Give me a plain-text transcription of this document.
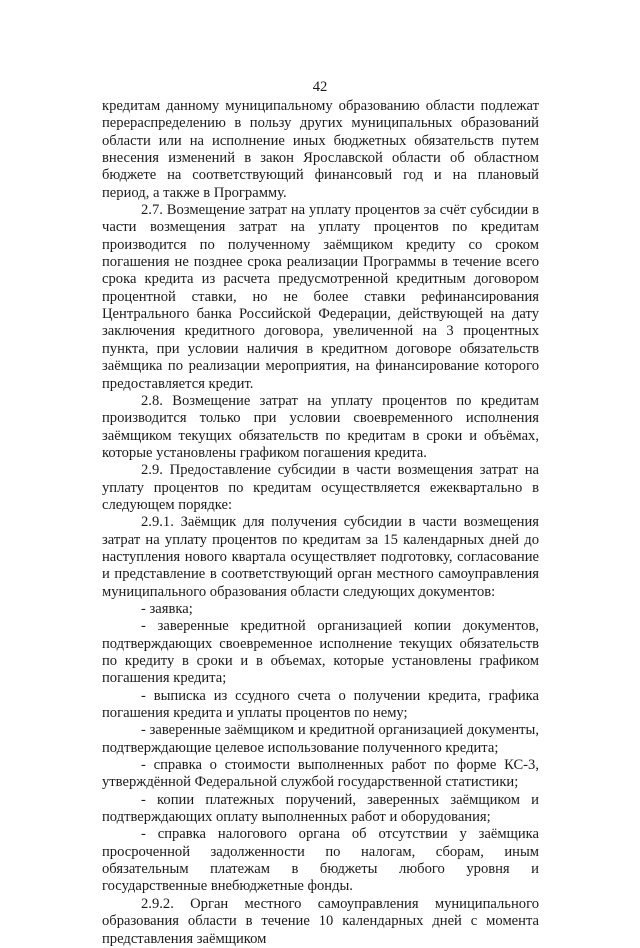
42

кредитам данному муниципальному образованию области подлежат перераспределению в пользу других муниципальных образований области или на исполнение иных бюджетных обязательств путем внесения изменений в закон Ярославской области об областном бюджете на соответствующий финансовый год и на плановый период, а также в Программу.

2.7. Возмещение затрат на уплату процентов за счёт субсидии в части возмещения затрат на уплату процентов по кредитам производится по полученному заёмщиком кредиту со сроком погашения не позднее срока реализации Программы в течение всего срока кредита из расчета предусмотренной кредитным договором процентной ставки, но не более ставки рефинансирования Центрального банка Российской Федерации, действующей на дату заключения кредитного договора, увеличенной на 3 процентных пункта, при условии наличия в кредитном договоре обязательств заёмщика по реализации мероприятия, на финансирование которого предоставляется кредит.

2.8. Возмещение затрат на уплату процентов по кредитам производится только при условии своевременного исполнения заёмщиком текущих обязательств по кредитам в сроки и объёмах, которые установлены графиком погашения кредита.

2.9. Предоставление субсидии в части возмещения затрат на уплату процентов по кредитам осуществляется ежеквартально в следующем порядке:

2.9.1. Заёмщик для получения субсидии в части возмещения затрат на уплату процентов по кредитам за 15 календарных дней до наступления нового квартала осуществляет подготовку, согласование и представление в соответствующий орган местного самоуправления муниципального образования области следующих документов:

- заявка;

- заверенные кредитной организацией копии документов, подтверждающих своевременное исполнение текущих обязательств по кредиту в сроки и в объемах, которые установлены графиком погашения кредита;

- выписка из ссудного счета о получении кредита, графика погашения кредита и уплаты процентов по нему;

- заверенные заёмщиком и кредитной организацией документы, подтверждающие целевое использование полученного кредита;

- справка о стоимости выполненных работ по форме КС-3, утверждённой Федеральной службой государственной статистики;

- копии платежных поручений, заверенных заёмщиком и подтверждающих оплату выполненных работ и оборудования;

- справка налогового органа об отсутствии у заёмщика просроченной задолженности по налогам, сборам, иным обязательным платежам в бюджеты любого уровня и государственные внебюджетные фонды.

2.9.2. Орган местного самоуправления муниципального образования области в течение 10 календарных дней с момента представления заёмщиком
